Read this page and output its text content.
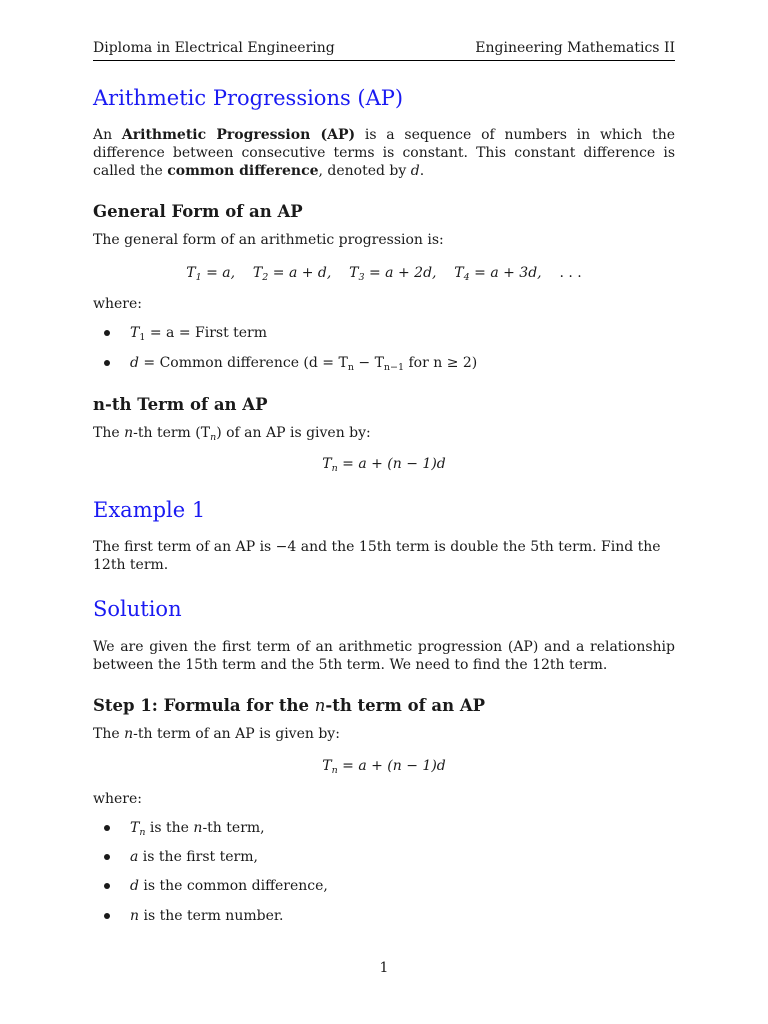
Diploma in Electrical Engineering	Engineering Mathematics II
Arithmetic Progressions (AP)

An Arithmetic Progression (AP) is a sequence of numbers in which the difference between consecutive terms is constant. This constant difference is called the common difference, denoted by d.

General Form of an AP

The general form of an arithmetic progression is:

$T_1 = a$, $T_2 = a + d$, $T_3 = a + 2d$, $T_4 = a + 3d$, . . .

where:

$T_1 = a$ = First term
d = Common difference ($d = T_n - T_{n-1}$ for n ≥ 2)
n-th Term of an AP

The n-th term $(T_n)$ of an AP is given by:

$T_n = a + (n - 1)d$
Example 1

The first term of an AP is −4 and the 15th term is double the 5th term. Find the 12th term.

Solution

We are given the first term of an arithmetic progression (AP) and a relationship between the 15th term and the 5th term. We need to find the 12th term.

Step 1: Formula for the n-th term of an AP

The n-th term of an AP is given by:

$T_n = a + (n - 1)d$

where:

$T_n$ is the n-th term,
a is the first term,
d is the common difference,
n is the term number.
1
